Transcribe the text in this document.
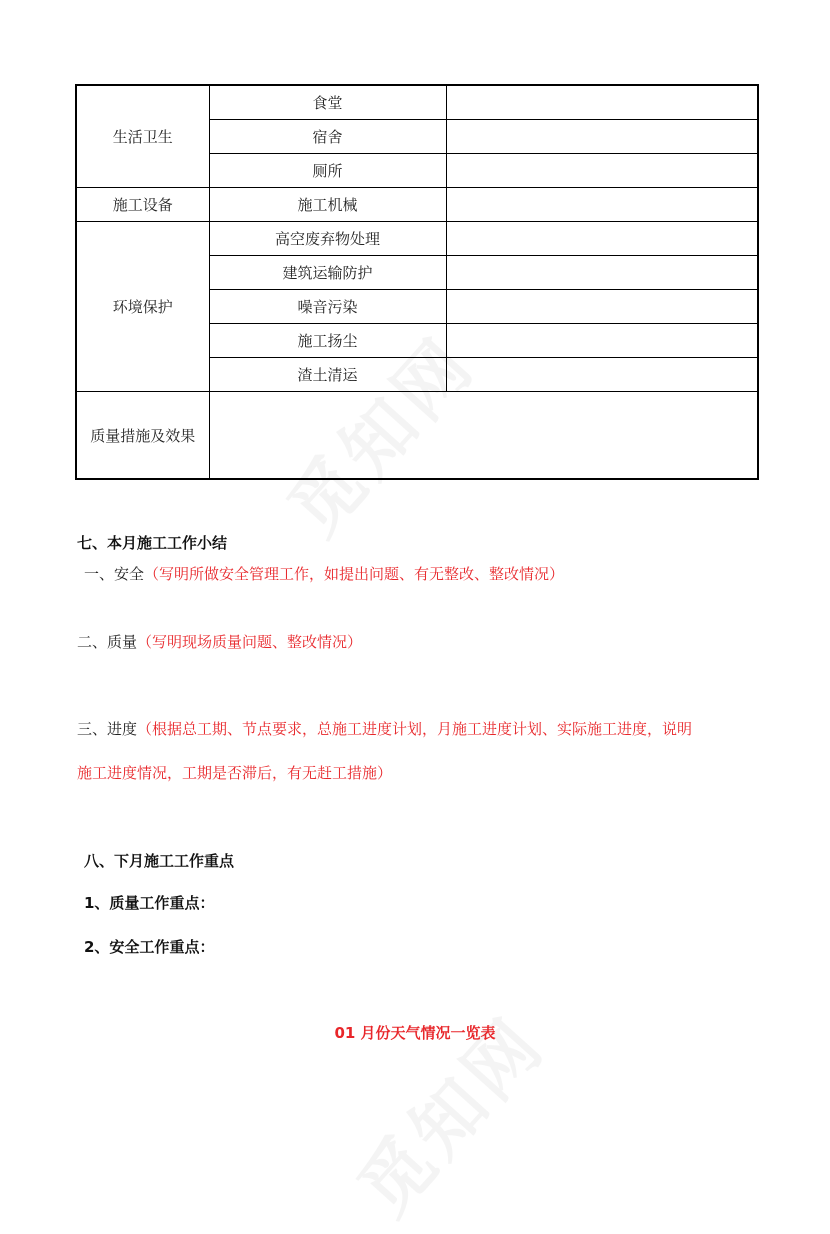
生活卫生	食堂	
	宿舍	
	厕所	
施工设备	施工机械	
环境保护	高空废弃物处理	
	建筑运输防护	
	噪音污染	
	施工扬尘	
	渣土清运	
质量措施及效果		
七、本月施工工作小结
一、安全（写明所做安全管理工作，如提出问题、有无整改、整改情况）
二、质量（写明现场质量问题、整改情况）
三、进度（根据总工期、节点要求，总施工进度计划，月施工进度计划、实际施工进度，说明
施工进度情况，工期是否滞后，有无赶工措施）
八、下月施工工作重点
1、质量工作重点：
2、安全工作重点：
01 月份天气情况一览表
